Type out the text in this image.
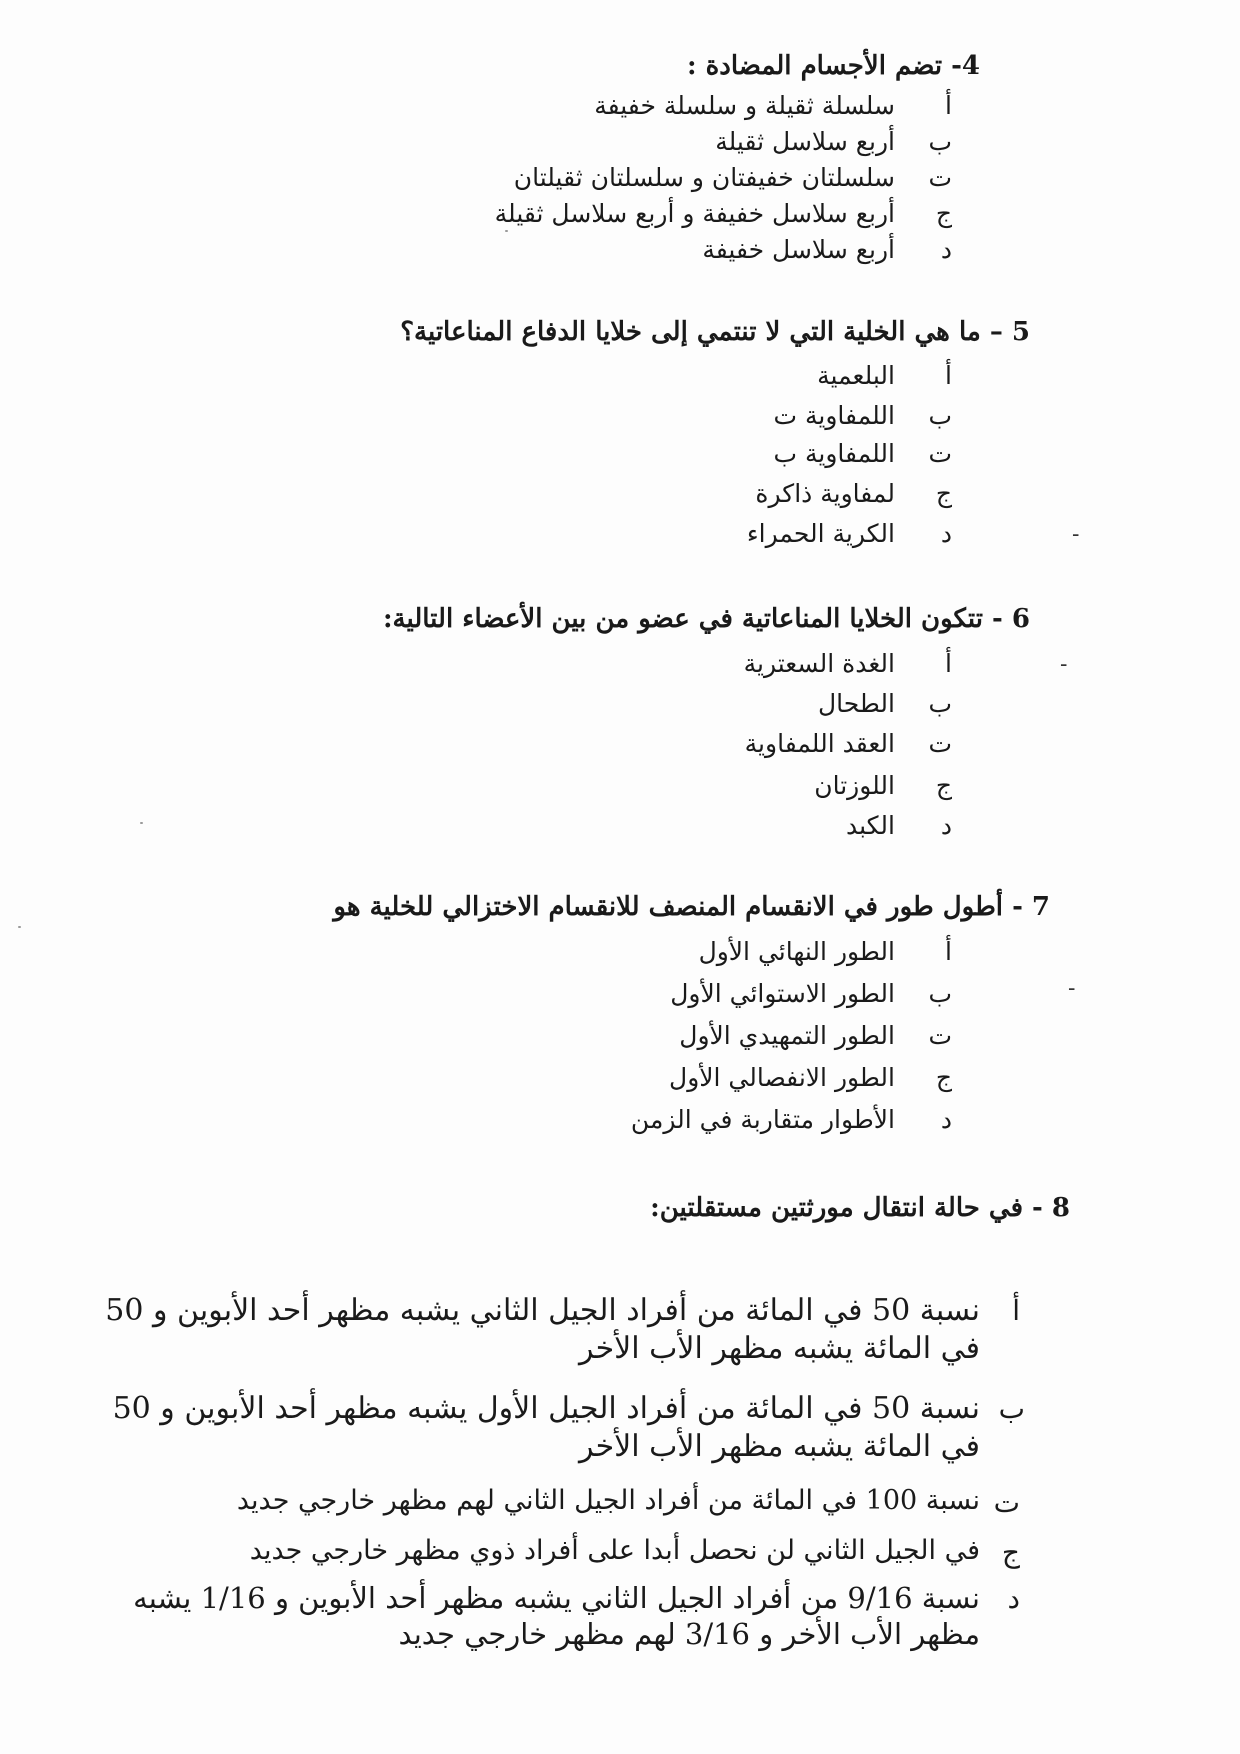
4- تضم الأجسام المضادة :
أ
سلسلة ثقيلة و سلسلة خفيفة
ب
أربع سلاسل ثقيلة
ت
سلسلتان خفيفتان و سلسلتان ثقيلتان
ج
أربع سلاسل خفيفة و أربع سلاسل ثقيلة
د
أربع سلاسل خفيفة
5 – ما هي الخلية التي لا تنتمي إلى خلايا الدفاع المناعاتية؟
أ
البلعمية
ب
اللمفاوية ت
ت
اللمفاوية ب
ج
لمفاوية ذاكرة
د	‐
الكرية الحمراء
6 - تتكون الخلايا المناعاتية في عضو من بين الأعضاء التالية:
أ	‐
الغدة السعترية
ب
الطحال
ت
العقد اللمفاوية
ج
اللوزتان
د
الكبد
7 - أطول طور في الانقسام المنصف للانقسام الاختزالي للخلية هو
أ
الطور النهائي الأول
ب	‐
الطور الاستوائي الأول
ت
الطور التمهيدي الأول
ج
الطور الانفصالي الأول
د
الأطوار متقاربة في الزمن
8 - في حالة انتقال مورثتين مستقلتين:
أ
نسبة 50 في المائة من أفراد الجيل الثاني يشبه مظهر أحد الأبوين و 50 في المائة يشبه مظهر الأب الأخر
ب
نسبة 50 في المائة من أفراد الجيل الأول يشبه مظهر أحد الأبوين و 50 في المائة يشبه مظهر الأب الأخر
ت
نسبة 100 في المائة من أفراد الجيل الثاني لهم مظهر خارجي جديد
ج
في الجيل الثاني لن نحصل أبدا على أفراد ذوي مظهر خارجي جديد
د
نسبة 9/16 من أفراد الجيل الثاني يشبه مظهر أحد الأبوين و 1/16 يشبه مظهر الأب الأخر و 3/16 لهم مظهر خارجي جديد
